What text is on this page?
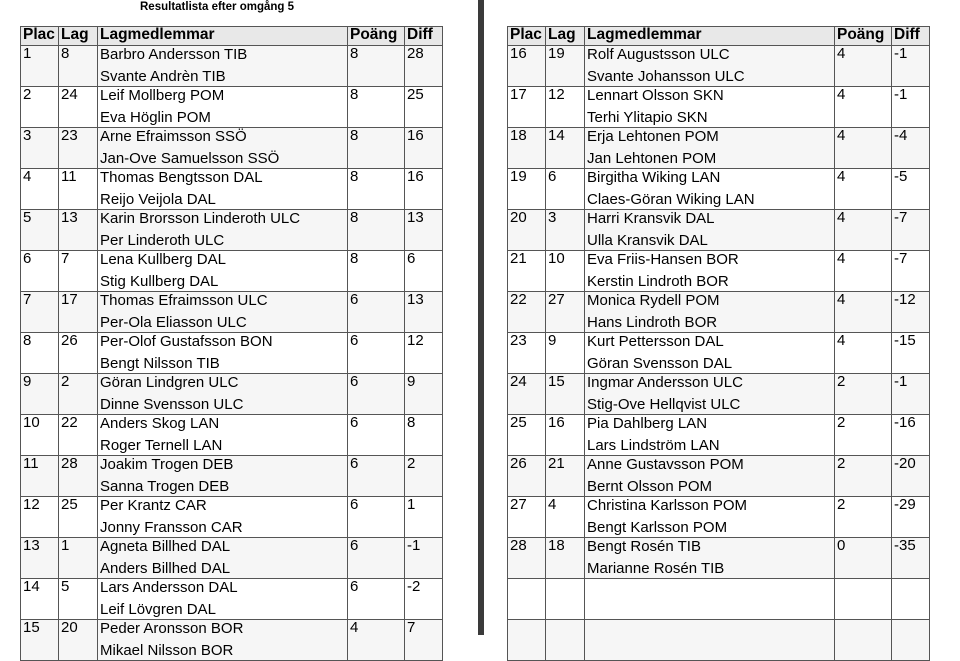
Resultatlista efter omgång 5
Plac	Lag	Lagmedlemmar	Poäng	Diff
1	8	Barbro Andersson TIB
Svante Andrèn TIB	8	28
2	24	Leif Mollberg POM
Eva Höglin POM	8	25
3	23	Arne Efraimsson SSÖ
Jan-Ove Samuelsson SSÖ	8	16
4	11	Thomas Bengtsson DAL
Reijo Veijola DAL	8	16
5	13	Karin Brorsson Linderoth ULC
Per Linderoth ULC	8	13
6	7	Lena Kullberg DAL
Stig Kullberg DAL	8	6
7	17	Thomas Efraimsson ULC
Per-Ola Eliasson ULC	6	13
8	26	Per-Olof Gustafsson BON
Bengt Nilsson TIB	6	12
9	2	Göran Lindgren ULC
Dinne Svensson ULC	6	9
10	22	Anders Skog LAN
Roger Ternell LAN	6	8
11	28	Joakim Trogen DEB
Sanna Trogen DEB	6	2
12	25	Per Krantz CAR
Jonny Fransson CAR	6	1
13	1	Agneta Billhed DAL
Anders Billhed DAL	6	-1
14	5	Lars Andersson DAL
Leif Lövgren DAL	6	-2
15	20	Peder Aronsson BOR
Mikael Nilsson BOR	4	7
Plac	Lag	Lagmedlemmar	Poäng	Diff
16	19	Rolf Augustsson ULC
Svante Johansson ULC	4	-1
17	12	Lennart Olsson SKN
Terhi Ylitapio SKN	4	-1
18	14	Erja Lehtonen POM
Jan Lehtonen POM	4	-4
19	6	Birgitha Wiking LAN
Claes-Göran Wiking LAN	4	-5
20	3	Harri Kransvik DAL
Ulla Kransvik DAL	4	-7
21	10	Eva Friis-Hansen BOR
Kerstin Lindroth BOR	4	-7
22	27	Monica Rydell POM
Hans Lindroth BOR	4	-12
23	9	Kurt Pettersson DAL
Göran Svensson DAL	4	-15
24	15	Ingmar Andersson ULC
Stig-Ove Hellqvist ULC	2	-1
25	16	Pia Dahlberg LAN
Lars Lindström LAN	2	-16
26	21	Anne Gustavsson POM
Bernt Olsson POM	2	-20
27	4	Christina Karlsson POM
Bengt Karlsson POM	2	-29
28	18	Bengt Rosén TIB
Marianne Rosén TIB	0	-35
